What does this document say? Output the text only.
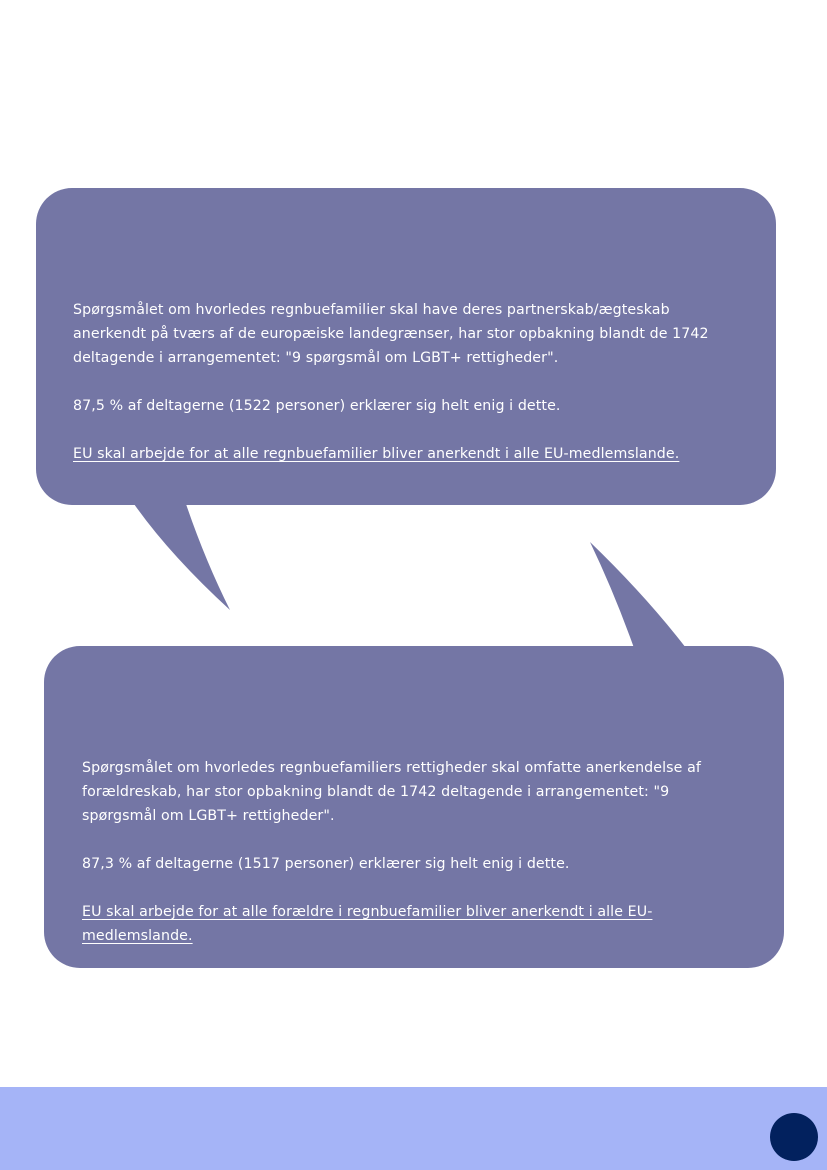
Spørgsmålet om hvorledes regnbuefamilier skal have deres partnerskab/ægteskab anerkendt på tværs af de europæiske landegrænser, har stor opbakning blandt de 1742 deltagende i arrangementet: "9 spørgsmål om LGBT+ rettigheder".

87,5 % af deltagerne (1522 personer) erklærer sig helt enig i dette.

EU skal arbejde for at alle regnbuefamilier bliver anerkendt i alle EU-medlemslande.

Spørgsmålet om hvorledes regnbuefamiliers rettigheder skal omfatte anerkendelse af forældreskab, har stor opbakning blandt de 1742 deltagende i arrangementet: "9 spørgsmål om LGBT+ rettigheder".

87,3 % af deltagerne (1517 personer) erklærer sig helt enig i dette.

EU skal arbejde for at alle forældre i regnbuefamilier bliver anerkendt i alle EU-medlemslande.
